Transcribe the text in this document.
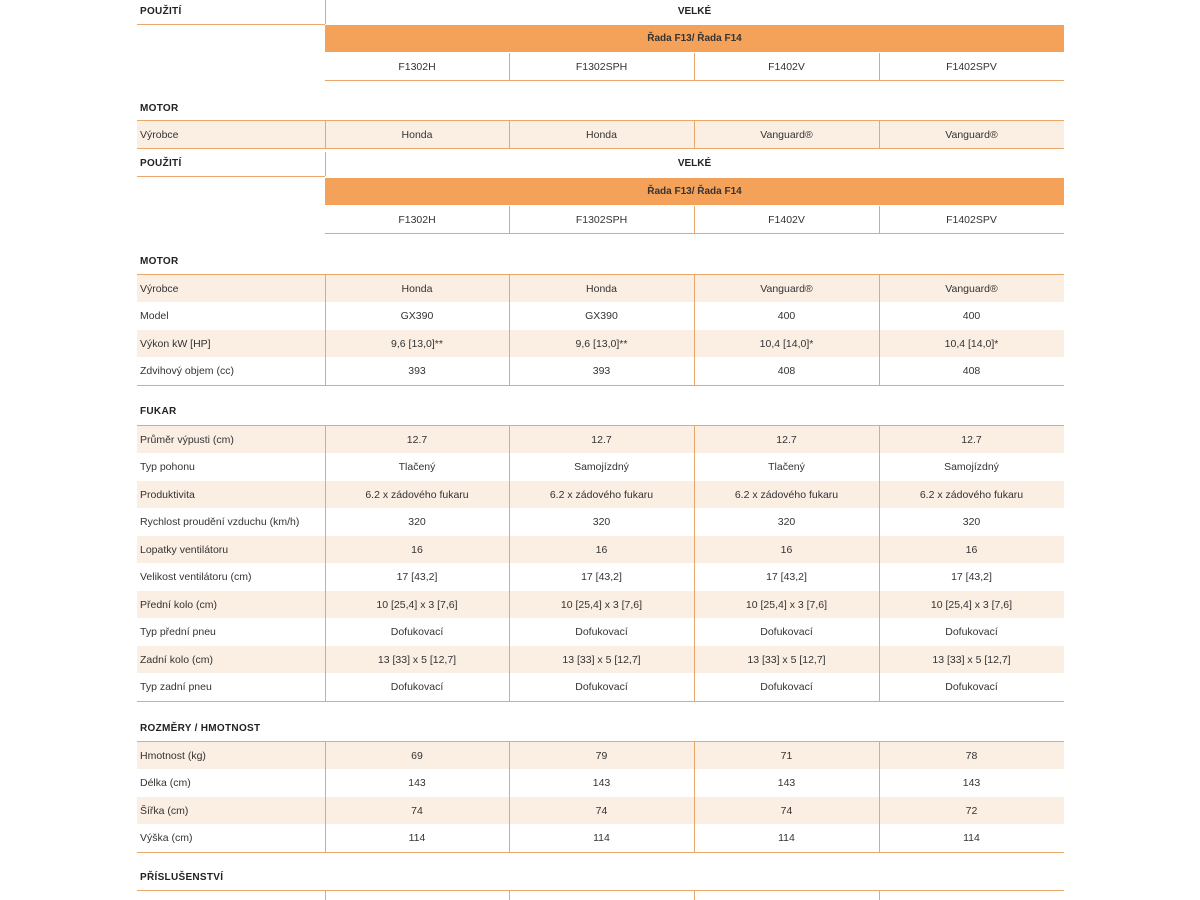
POUŽITÍ	VELKÉ
Řada F13/ Řada F14
F1302H	F1302SPH	F1402V	F1402SPV
MOTOR
Výrobce	Honda	Honda	Vanguard®	Vanguard®
POUŽITÍ	VELKÉ
Řada F13/ Řada F14
F1302H	F1302SPH	F1402V	F1402SPV
MOTOR
Výrobce	Honda	Honda	Vanguard®	Vanguard®
Model	GX390	GX390	400	400
Výkon kW [HP]	9,6 [13,0]**	9,6 [13,0]**	10,4 [14,0]*	10,4 [14,0]*
Zdvihový objem (cc)	393	393	408	408
FUKAR
Průměr výpusti (cm)	12.7	12.7	12.7	12.7
Typ pohonu	Tlačený	Samojízdný	Tlačený	Samojízdný
Produktivita	6.2 x zádového fukaru	6.2 x zádového fukaru	6.2 x zádového fukaru	6.2 x zádového fukaru
Rychlost proudění vzduchu (km/h)	320	320	320	320
Lopatky ventilátoru	16	16	16	16
Velikost ventilátoru (cm)	17 [43,2]	17 [43,2]	17 [43,2]	17 [43,2]
Přední kolo (cm)	10 [25,4] x 3 [7,6]	10 [25,4] x 3 [7,6]	10 [25,4] x 3 [7,6]	10 [25,4] x 3 [7,6]
Typ přední pneu	Dofukovací	Dofukovací	Dofukovací	Dofukovací
Zadní kolo (cm)	13 [33] x 5 [12,7]	13 [33] x 5 [12,7]	13 [33] x 5 [12,7]	13 [33] x 5 [12,7]
Typ zadní pneu	Dofukovací	Dofukovací	Dofukovací	Dofukovací
ROZMĚRY / HMOTNOST
Hmotnost (kg)	69	79	71	78
Délka (cm)	143	143	143	143
Šířka (cm)	74	74	74	72
Výška (cm)	114	114	114	114
PŘÍSLUŠENSTVÍ
